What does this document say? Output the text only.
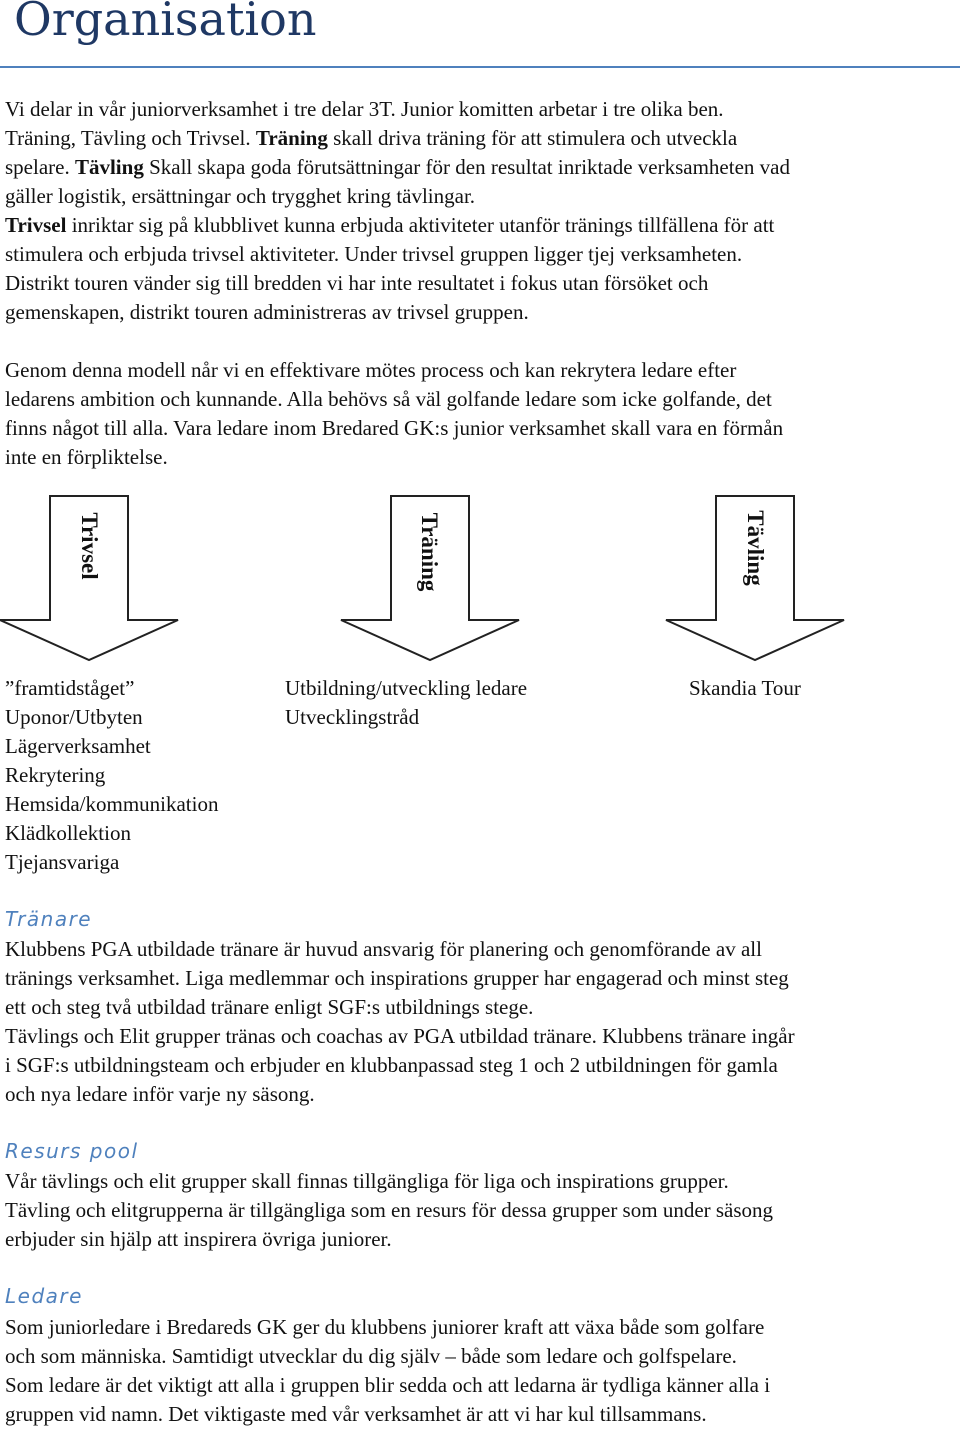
Organisation
Vi delar in vår juniorverksamhet i tre delar 3T. Junior komitten arbetar i tre olika ben.
Träning, Tävling och Trivsel. Träning skall driva träning för att stimulera och utveckla
spelare. Tävling Skall skapa goda förutsättningar för den resultat inriktade verksamheten vad
gäller logistik, ersättningar och trygghet kring tävlingar.
Trivsel inriktar sig på klubblivet kunna erbjuda aktiviteter utanför tränings tillfällena för att
stimulera och erbjuda trivsel aktiviteter. Under trivsel gruppen ligger tjej verksamheten.
Distrikt touren vänder sig till bredden vi har inte resultatet i fokus utan försöket och
gemenskapen, distrikt touren administreras av trivsel gruppen.
Genom denna modell når vi en effektivare mötes process och kan rekrytera ledare efter
ledarens ambition och kunnande. Alla behövs så väl golfande ledare som icke golfande, det
finns något till alla. Vara ledare inom Bredared GK:s junior verksamhet skall vara en förmån
inte en förpliktelse.
Trivsel	Träning	Tävling
”framtidståget”
Uponor/Utbyten
Lägerverksamhet
Rekrytering
Hemsida/kommunikation
Klädkollektion
Tjejansvariga
Utbildning/utveckling ledare
Utvecklingstråd
Skandia Tour
Tränare
Klubbens PGA utbildade tränare är huvud ansvarig för planering och genomförande av all
tränings verksamhet. Liga medlemmar och inspirations grupper har engagerad och minst steg
ett och steg två utbildad tränare enligt SGF:s utbildnings stege.
Tävlings och Elit grupper tränas och coachas av PGA utbildad tränare. Klubbens tränare ingår
i SGF:s utbildningsteam och erbjuder en klubbanpassad steg 1 och 2 utbildningen för gamla
och nya ledare inför varje ny säsong.
Resurs pool
Vår tävlings och elit grupper skall finnas tillgängliga för liga och inspirations grupper.
Tävling och elitgrupperna är tillgängliga som en resurs för dessa grupper som under säsong
erbjuder sin hjälp att inspirera övriga juniorer.
Ledare
Som juniorledare i Bredareds GK ger du klubbens juniorer kraft att växa både som golfare
och som människa. Samtidigt utvecklar du dig själv – både som ledare och golfspelare.
Som ledare är det viktigt att alla i gruppen blir sedda och att ledarna är tydliga känner alla i
gruppen vid namn. Det viktigaste med vår verksamhet är att vi har kul tillsammans.
